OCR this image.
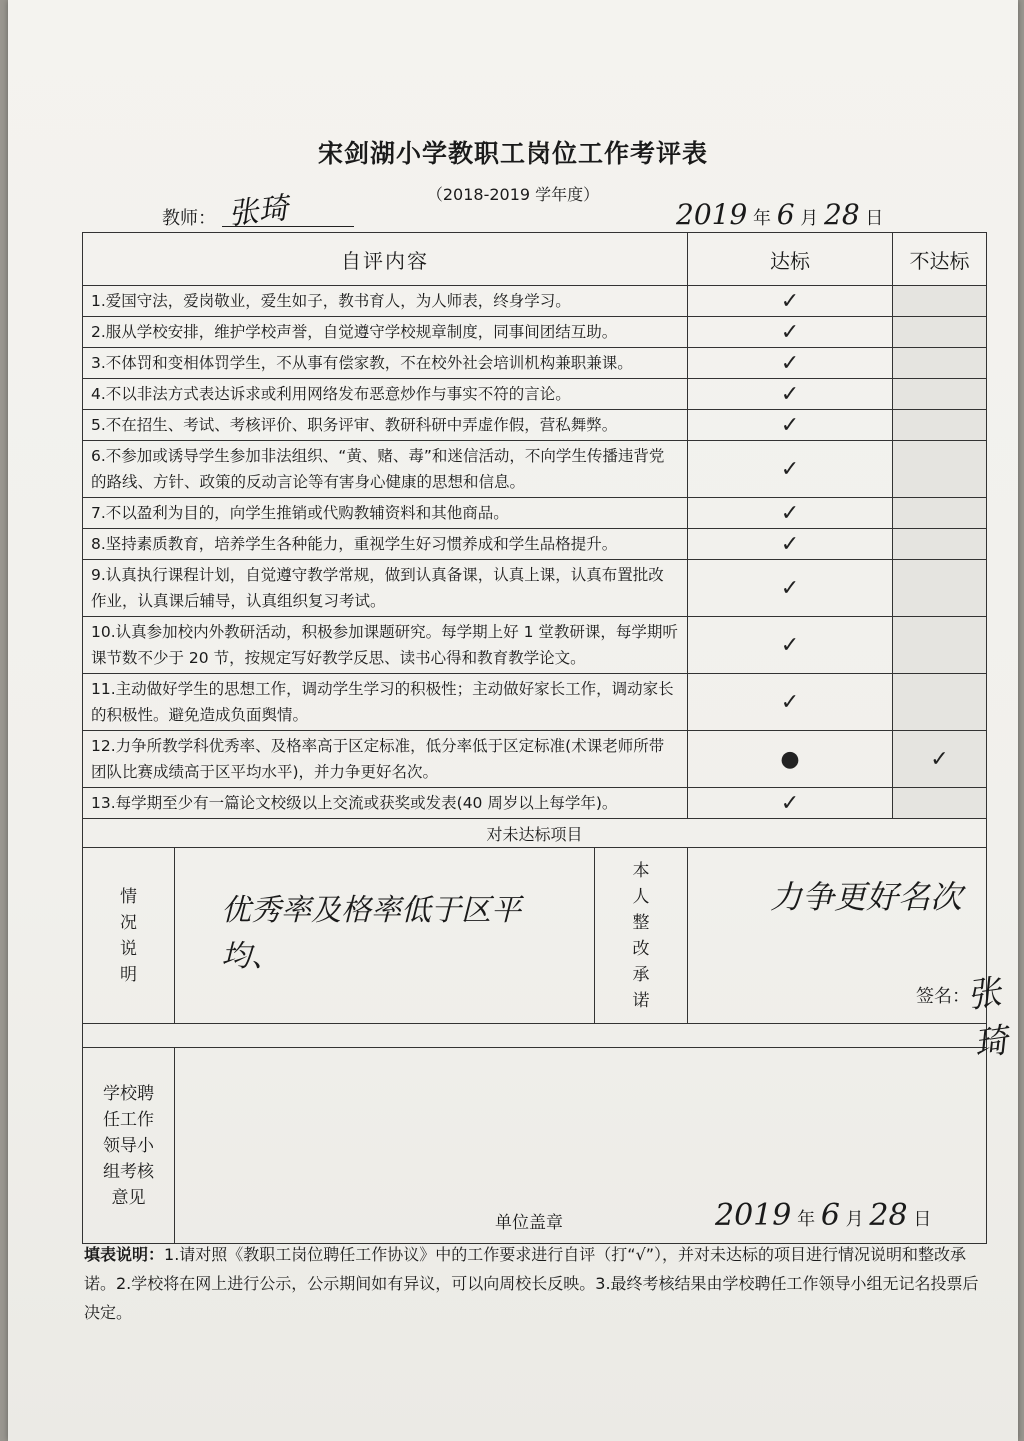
宋剑湖小学教职工岗位工作考评表
（2018-2019 学年度）
教师： 张琦	2019 年 6 月 28 日
自评内容			达标	不达标
1.爱国守法，爱岗敬业，爱生如子，教书育人，为人师表，终身学习。			✓	
2.服从学校安排，维护学校声誉，自觉遵守学校规章制度，同事间团结互助。			✓	
3.不体罚和变相体罚学生，不从事有偿家教，不在校外社会培训机构兼职兼课。			✓	
4.不以非法方式表达诉求或利用网络发布恶意炒作与事实不符的言论。			✓	
5.不在招生、考试、考核评价、职务评审、教研科研中弄虚作假，营私舞弊。			✓	
6.不参加或诱导学生参加非法组织、“黄、赌、毒”和迷信活动，不向学生传播违背党的路线、方针、政策的反动言论等有害身心健康的思想和信息。			✓	
7.不以盈利为目的，向学生推销或代购教辅资料和其他商品。			✓	
8.坚持素质教育，培养学生各种能力，重视学生好习惯养成和学生品格提升。			✓	
9.认真执行课程计划，自觉遵守教学常规，做到认真备课，认真上课，认真布置批改作业，认真课后辅导，认真组织复习考试。			✓	
10.认真参加校内外教研活动，积极参加课题研究。每学期上好 1 堂教研课，每学期听课节数不少于 20 节，按规定写好教学反思、读书心得和教育教学论文。			✓	
11.主动做好学生的思想工作，调动学生学习的积极性；主动做好家长工作，调动家长的积极性。避免造成负面舆情。			✓	
12.力争所教学科优秀率、及格率高于区定标准，低分率低于区定标准(术课老师所带团队比赛成绩高于区平均水平)，并力争更好名次。			●	✓
13.每学期至少有一篇论文校级以上交流或获奖或发表(40 周岁以上每学年)。			✓	
对未达标项目				

情况说明	优秀率及格率低于区平均、	本人整改承诺	力争更好名次
签名：
张琦	

学校聘任工作领导小组考核意见	单位盖章 2019 年 6 月 28 日			
填表说明：1.请对照《教职工岗位聘任工作协议》中的工作要求进行自评（打“√”），并对未达标的项目进行情况说明和整改承诺。2.学校将在网上进行公示，公示期间如有异议，可以向周校长反映。3.最终考核结果由学校聘任工作领导小组无记名投票后决定。
